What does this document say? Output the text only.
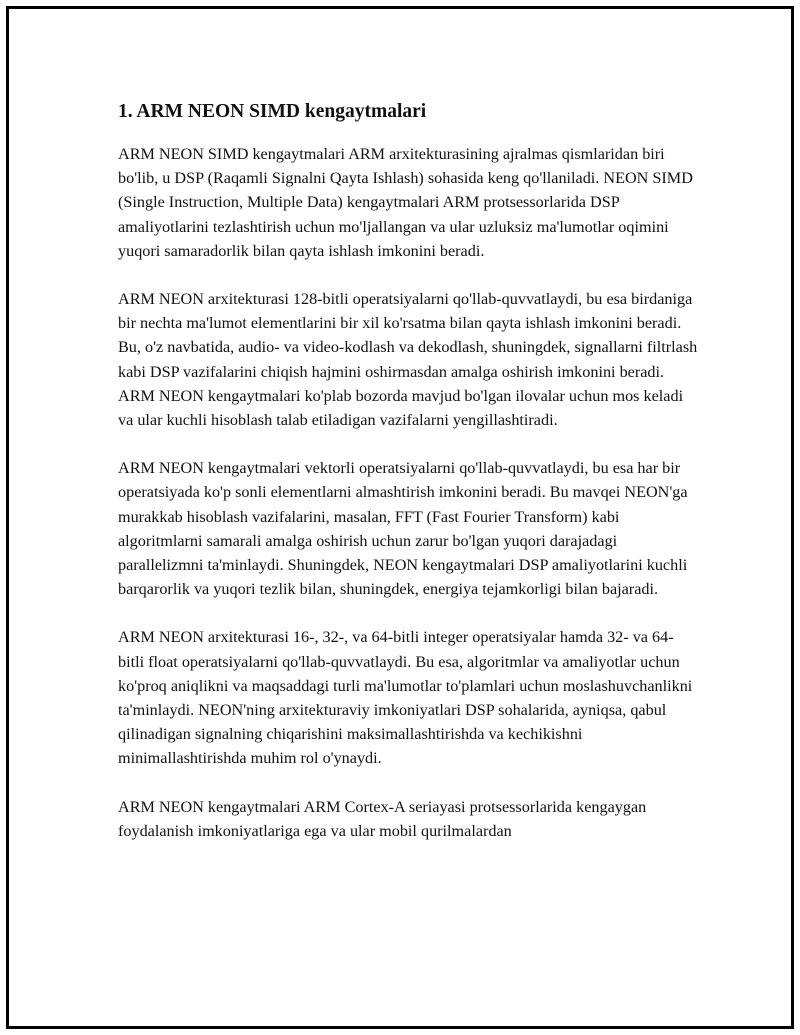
1. ARM NEON SIMD kengaytmalari

ARM NEON SIMD kengaytmalari ARM arxitekturasining ajralmas qismlaridan biri bo'lib, u DSP (Raqamli Signalni Qayta Ishlash) sohasida keng qo'llaniladi. NEON SIMD (Single Instruction, Multiple Data) kengaytmalari ARM protsessorlarida DSP amaliyotlarini tezlashtirish uchun mo'ljallangan va ular uzluksiz ma'lumotlar oqimini yuqori samaradorlik bilan qayta ishlash imkonini beradi.

ARM NEON arxitekturasi 128-bitli operatsiyalarni qo'llab-quvvatlaydi, bu esa birdaniga bir nechta ma'lumot elementlarini bir xil ko'rsatma bilan qayta ishlash imkonini beradi. Bu, o'z navbatida, audio- va video-kodlash va dekodlash, shuningdek, signallarni filtrlash kabi DSP vazifalarini chiqish hajmini oshirmasdan amalga oshirish imkonini beradi. ARM NEON kengaytmalari ko'plab bozorda mavjud bo'lgan ilovalar uchun mos keladi va ular kuchli hisoblash talab etiladigan vazifalarni yengillashtiradi.

ARM NEON kengaytmalari vektorli operatsiyalarni qo'llab-quvvatlaydi, bu esa har bir operatsiyada ko'p sonli elementlarni almashtirish imkonini beradi. Bu mavqei NEON'ga murakkab hisoblash vazifalarini, masalan, FFT (Fast Fourier Transform) kabi algoritmlarni samarali amalga oshirish uchun zarur bo'lgan yuqori darajadagi parallelizmni ta'minlaydi. Shuningdek, NEON kengaytmalari DSP amaliyotlarini kuchli barqarorlik va yuqori tezlik bilan, shuningdek, energiya tejamkorligi bilan bajaradi.

ARM NEON arxitekturasi 16-, 32-, va 64-bitli integer operatsiyalar hamda 32- va 64-bitli float operatsiyalarni qo'llab-quvvatlaydi. Bu esa, algoritmlar va amaliyotlar uchun ko'proq aniqlikni va maqsaddagi turli ma'lumotlar to'plamlari uchun moslashuvchanlikni ta'minlaydi. NEON'ning arxitekturaviy imkoniyatlari DSP sohalarida, ayniqsa, qabul qilinadigan signalning chiqarishini maksimallashtirishda va kechikishni minimallashtirishda muhim rol o'ynaydi.

ARM NEON kengaytmalari ARM Cortex-A seriayasi protsessorlarida kengaygan foydalanish imkoniyatlariga ega va ular mobil qurilmalardan
